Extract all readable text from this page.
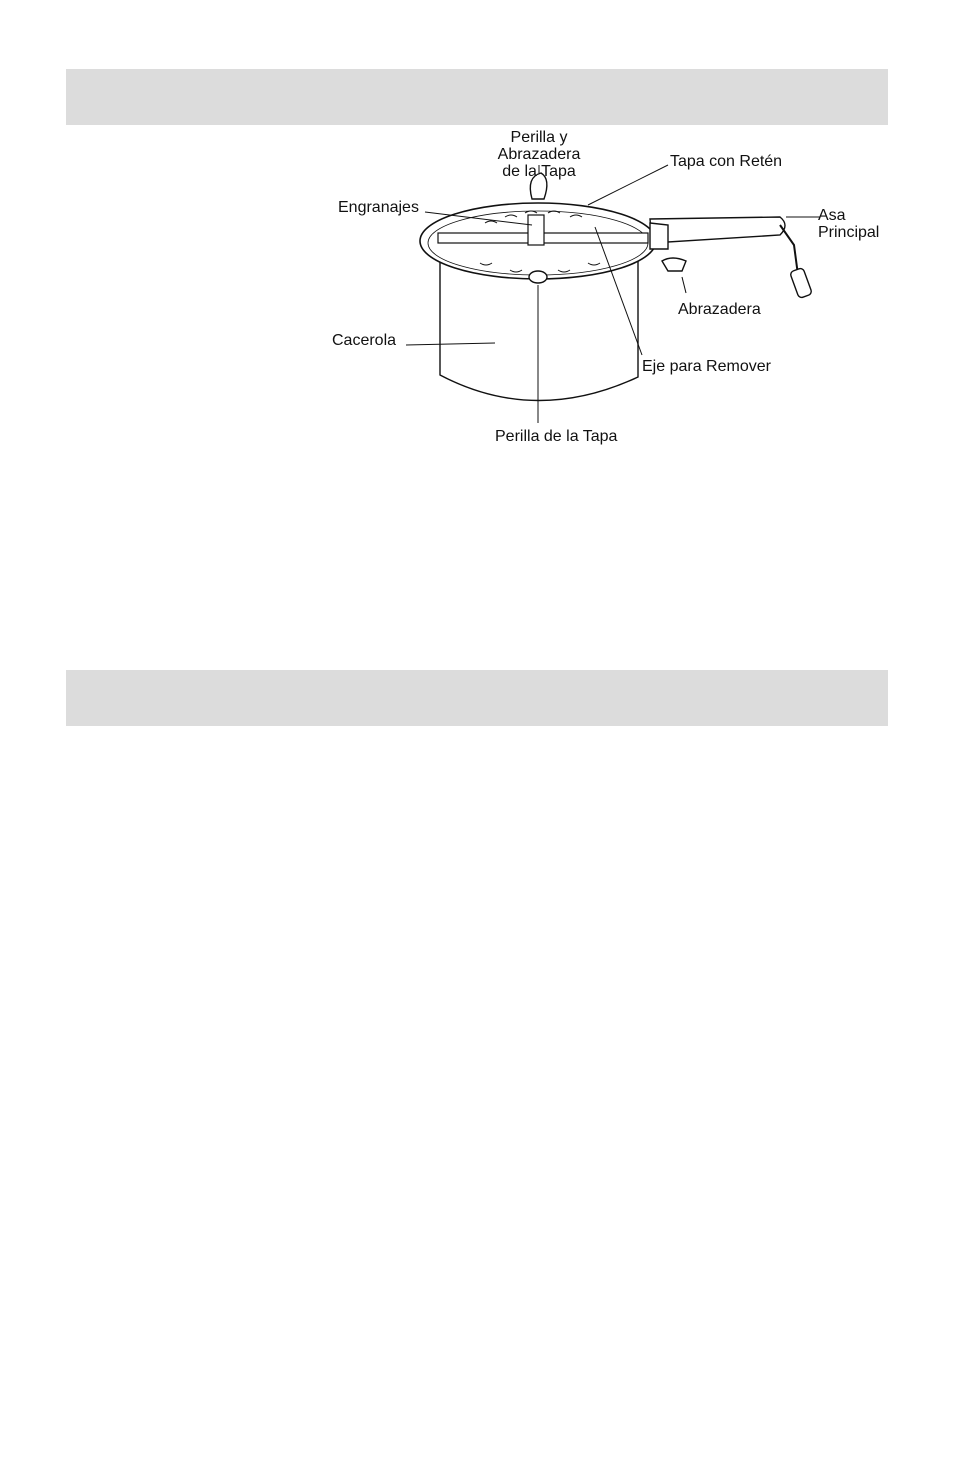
Perilla y Abrazadera
de la Tapa
Tapa con Retén
Engranajes	Asa
Principal
Abrazadera
Cacerola
Eje para Remover
Perilla de la Tapa
